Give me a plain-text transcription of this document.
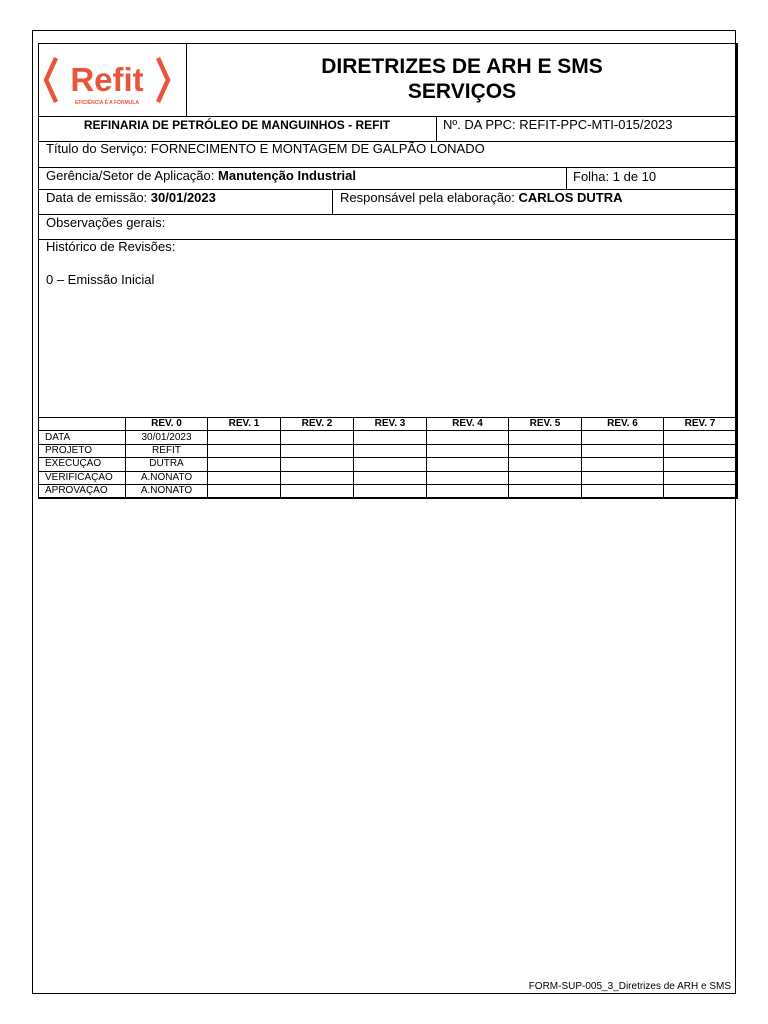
Refit
EFICIÊNCIA É A FÓRMULA
DIRETRIZES DE ARH E SMS
SERVIÇOS
REFINARIA DE PETRÓLEO DE MANGUINHOS - REFIT	Nº. DA PPC: REFIT-PPC-MTI-015/2023
Título do Serviço: FORNECIMENTO E MONTAGEM DE GALPÃO LONADO
Gerência/Setor de Aplicação: Manutenção Industrial	Folha: 1 de 10
Data de emissão: 30/01/2023	Responsável pela elaboração: CARLOS DUTRA
Observações gerais:
Histórico de Revisões:
0 – Emissão Inicial
	REV. 0	REV. 1	REV. 2	REV. 3	REV. 4	REV. 5	REV. 6	REV. 7
DATA	30/01/2023							
PROJETO	REFIT							
EXECUÇÃO	DUTRA							
VERIFICAÇÃO	A.NONATO							
APROVAÇÃO	A.NONATO							
FORM-SUP-005_3_Diretrizes de ARH e SMS
